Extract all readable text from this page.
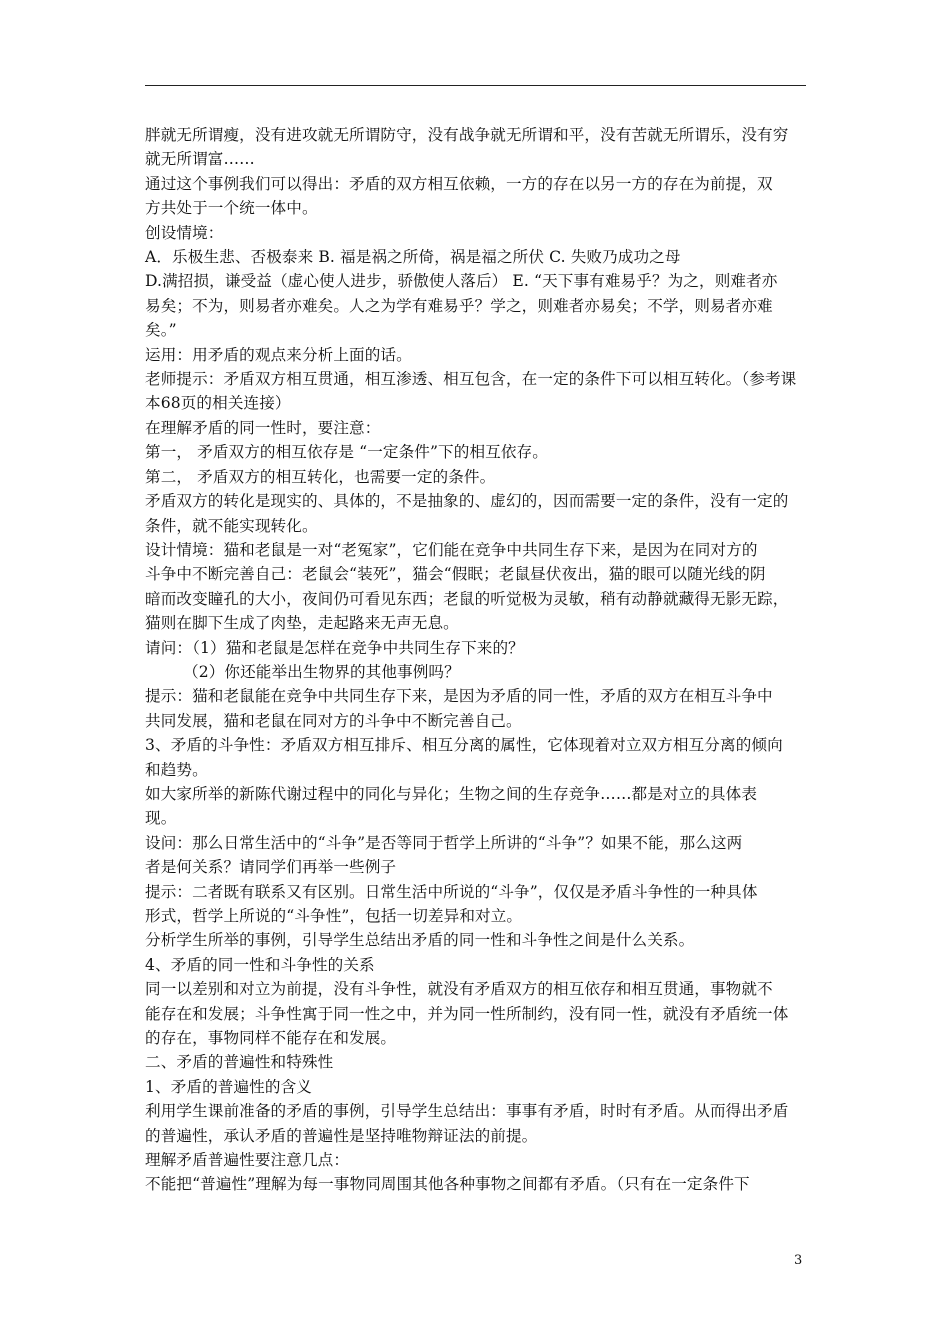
胖就无所谓瘦，没有进攻就无所谓防守，没有战争就无所谓和平，没有苦就无所谓乐，没有穷

就无所谓富……

通过这个事例我们可以得出：矛盾的双方相互依赖，一方的存在以另一方的存在为前提，双

方共处于一个统一体中。

创设情境：

A．乐极生悲、否极泰来 B. 福是祸之所倚，祸是福之所伏 C. 失败乃成功之母

D.满招损，谦受益（虚心使人进步，骄傲使人落后） E. “天下事有难易乎？为之，则难者亦

易矣；不为，则易者亦难矣。人之为学有难易乎？学之，则难者亦易矣；不学，则易者亦难

矣。”

运用：用矛盾的观点来分析上面的话。

老师提示：矛盾双方相互贯通，相互渗透、相互包含，在一定的条件下可以相互转化。（参考课

本68页的相关连接）

在理解矛盾的同一性时，要注意：

第一， 矛盾双方的相互依存是 “一定条件”下的相互依存。

第二， 矛盾双方的相互转化，也需要一定的条件。

矛盾双方的转化是现实的、具体的，不是抽象的、虚幻的，因而需要一定的条件，没有一定的

条件，就不能实现转化。

设计情境：猫和老鼠是一对“老冤家”，它们能在竞争中共同生存下来，是因为在同对方的

斗争中不断完善自己：老鼠会“装死”，猫会“假眠；老鼠昼伏夜出，猫的眼可以随光线的阴

暗而改变瞳孔的大小，夜间仍可看见东西；老鼠的听觉极为灵敏，稍有动静就藏得无影无踪，

猫则在脚下生成了肉垫，走起路来无声无息。

请问：（1）猫和老鼠是怎样在竞争中共同生存下来的？

（2）你还能举出生物界的其他事例吗？

提示：猫和老鼠能在竞争中共同生存下来，是因为矛盾的同一性，矛盾的双方在相互斗争中

共同发展，猫和老鼠在同对方的斗争中不断完善自己。

3、矛盾的斗争性：矛盾双方相互排斥、相互分离的属性，它体现着对立双方相互分离的倾向

和趋势。

如大家所举的新陈代谢过程中的同化与异化；生物之间的生存竞争……都是对立的具体表

现。

设问：那么日常生活中的“斗争”是否等同于哲学上所讲的“斗争”？如果不能，那么这两

者是何关系？请同学们再举一些例子

提示：二者既有联系又有区别。日常生活中所说的“斗争”，仅仅是矛盾斗争性的一种具体

形式，哲学上所说的“斗争性”，包括一切差异和对立。

分析学生所举的事例，引导学生总结出矛盾的同一性和斗争性之间是什么关系。

4、矛盾的同一性和斗争性的关系

同一以差别和对立为前提，没有斗争性，就没有矛盾双方的相互依存和相互贯通，事物就不

能存在和发展；斗争性寓于同一性之中，并为同一性所制约，没有同一性，就没有矛盾统一体

的存在，事物同样不能存在和发展。

二、矛盾的普遍性和特殊性

1、矛盾的普遍性的含义

利用学生课前准备的矛盾的事例，引导学生总结出：事事有矛盾，时时有矛盾。从而得出矛盾

的普遍性，承认矛盾的普遍性是坚持唯物辩证法的前提。

理解矛盾普遍性要注意几点：

不能把“普遍性”理解为每一事物同周围其他各种事物之间都有矛盾。（只有在一定条件下

3
